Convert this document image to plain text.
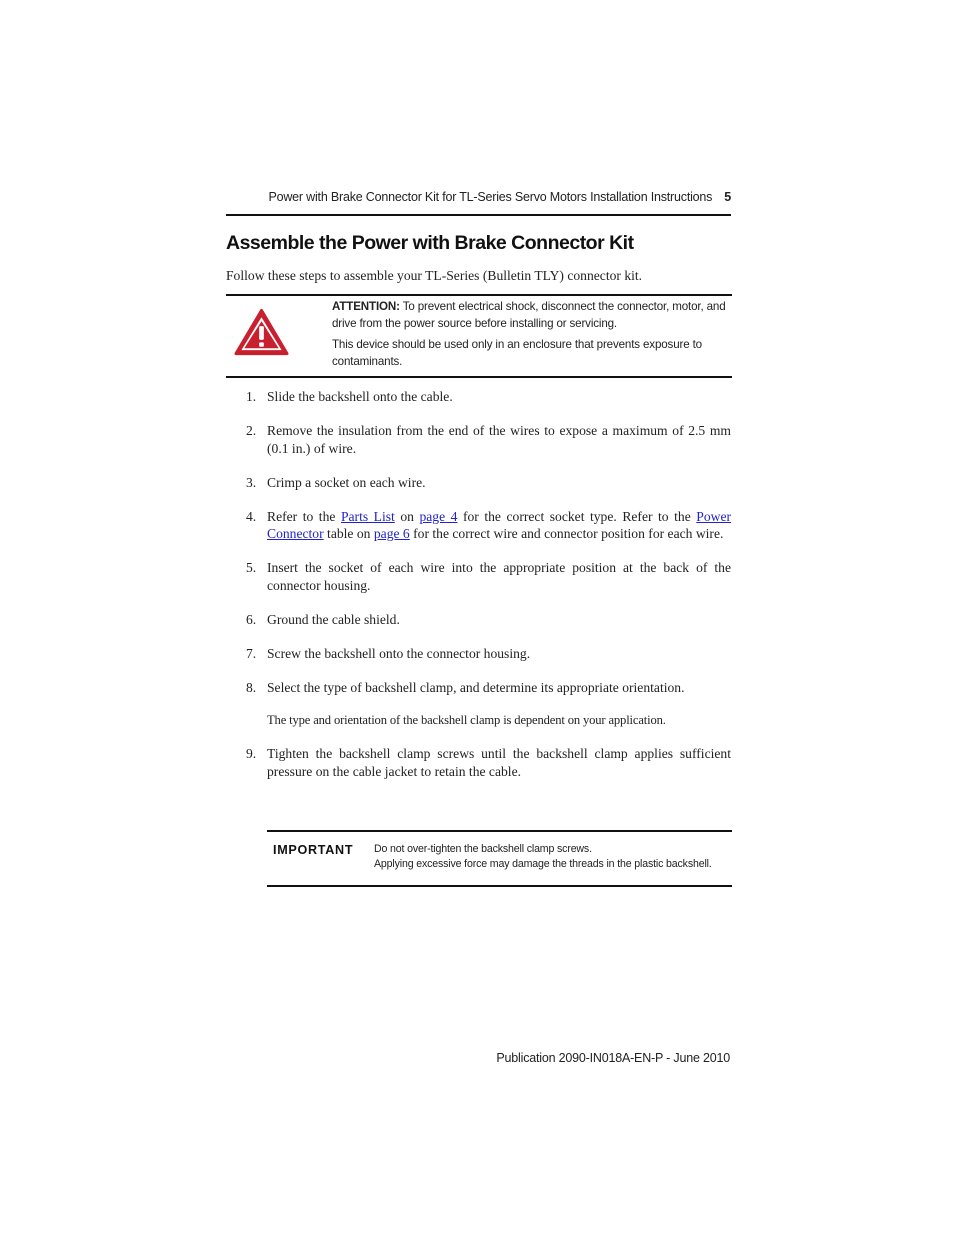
Power with Brake Connector Kit for TL-Series Servo Motors Installation Instructions 5
Assemble the Power with Brake Connector Kit

Follow these steps to assemble your TL-Series (Bulletin TLY) connector kit.

ATTENTION: To prevent electrical shock, disconnect the connector, motor, and drive from the power source before installing or servicing.

This device should be used only in an enclosure that prevents exposure to contaminants.

1. Slide the backshell onto the cable.
2. Remove the insulation from the end of the wires to expose a maximum of 2.5 mm (0.1 in.) of wire.
3. Crimp a socket on each wire.
4. Refer to the Parts List on page 4 for the correct socket type. Refer to the Power Connector table on page 6 for the correct wire and connector position for each wire.
5. Insert the socket of each wire into the appropriate position at the back of the connector housing.
6. Ground the cable shield.
7. Screw the backshell onto the connector housing.
8. Select the type of backshell clamp, and determine its appropriate orientation.
The type and orientation of the backshell clamp is dependent on your application.
9. Tighten the backshell clamp screws until the backshell clamp applies sufficient pressure on the cable jacket to retain the cable.
IMPORTANT Do not over-tighten the backshell clamp screws.
Applying excessive force may damage the threads in the plastic backshell.
Publication 2090-IN018A-EN-P - June 2010
